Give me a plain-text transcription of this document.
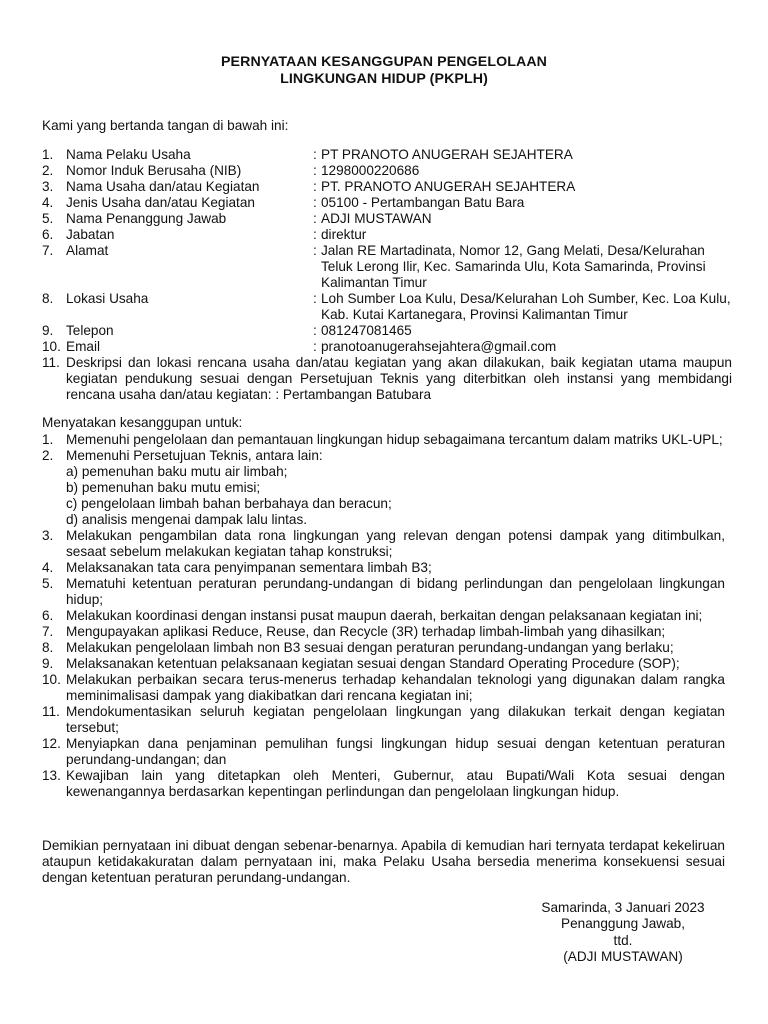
PERNYATAAN KESANGGUPAN PENGELOLAAN
LINGKUNGAN HIDUP (PKPLH)
Kami yang bertanda tangan di bawah ini:
1. Nama Pelaku Usaha	: PT PRANOTO ANUGERAH SEJAHTERA
2. Nomor Induk Berusaha (NIB)	: 1298000220686
3. Nama Usaha dan/atau Kegiatan	: PT. PRANOTO ANUGERAH SEJAHTERA
4. Jenis Usaha dan/atau Kegiatan	: 05100 - Pertambangan Batu Bara
5. Nama Penanggung Jawab	: ADJI MUSTAWAN
6. Jabatan	: direktur
7. Alamat	: Jalan RE Martadinata, Nomor 12, Gang Melati, Desa/Kelurahan Teluk Lerong Ilir, Kec. Samarinda Ulu, Kota Samarinda, Provinsi Kalimantan Timur
8. Lokasi Usaha	: Loh Sumber Loa Kulu, Desa/Kelurahan Loh Sumber, Kec. Loa Kulu, Kab. Kutai Kartanegara, Provinsi Kalimantan Timur
9. Telepon	: 081247081465
10. Email	: pranotoanugerahsejahtera@gmail.com
11. Deskripsi dan lokasi rencana usaha dan/atau kegiatan yang akan dilakukan, baik kegiatan utama maupun kegiatan pendukung sesuai dengan Persetujuan Teknis yang diterbitkan oleh instansi yang membidangi rencana usaha dan/atau kegiatan: : Pertambangan Batubara
Menyatakan kesanggupan untuk:
1. Memenuhi pengelolaan dan pemantauan lingkungan hidup sebagaimana tercantum dalam matriks UKL-UPL;
2. Memenuhi Persetujuan Teknis, antara lain:
a) pemenuhan baku mutu air limbah;
b) pemenuhan baku mutu emisi;
c) pengelolaan limbah bahan berbahaya dan beracun;
d) analisis mengenai dampak lalu lintas.
3. Melakukan pengambilan data rona lingkungan yang relevan dengan potensi dampak yang ditimbulkan, sesaat sebelum melakukan kegiatan tahap konstruksi;
4. Melaksanakan tata cara penyimpanan sementara limbah B3;
5. Mematuhi ketentuan peraturan perundang-undangan di bidang perlindungan dan pengelolaan lingkungan hidup;
6. Melakukan koordinasi dengan instansi pusat maupun daerah, berkaitan dengan pelaksanaan kegiatan ini;
7. Mengupayakan aplikasi Reduce, Reuse, dan Recycle (3R) terhadap limbah-limbah yang dihasilkan;
8. Melakukan pengelolaan limbah non B3 sesuai dengan peraturan perundang-undangan yang berlaku;
9. Melaksanakan ketentuan pelaksanaan kegiatan sesuai dengan Standard Operating Procedure (SOP);
10. Melakukan perbaikan secara terus-menerus terhadap kehandalan teknologi yang digunakan dalam rangka meminimalisasi dampak yang diakibatkan dari rencana kegiatan ini;
11. Mendokumentasikan seluruh kegiatan pengelolaan lingkungan yang dilakukan terkait dengan kegiatan tersebut;
12. Menyiapkan dana penjaminan pemulihan fungsi lingkungan hidup sesuai dengan ketentuan peraturan perundang-undangan; dan
13. Kewajiban lain yang ditetapkan oleh Menteri, Gubernur, atau Bupati/Wali Kota sesuai dengan kewenangannya berdasarkan kepentingan perlindungan dan pengelolaan lingkungan hidup.
Demikian pernyataan ini dibuat dengan sebenar-benarnya. Apabila di kemudian hari ternyata terdapat kekeliruan ataupun ketidakakuratan dalam pernyataan ini, maka Pelaku Usaha bersedia menerima konsekuensi sesuai dengan ketentuan peraturan perundang-undangan.
Samarinda, 3 Januari 2023
Penanggung Jawab,
ttd.
(ADJI MUSTAWAN)
